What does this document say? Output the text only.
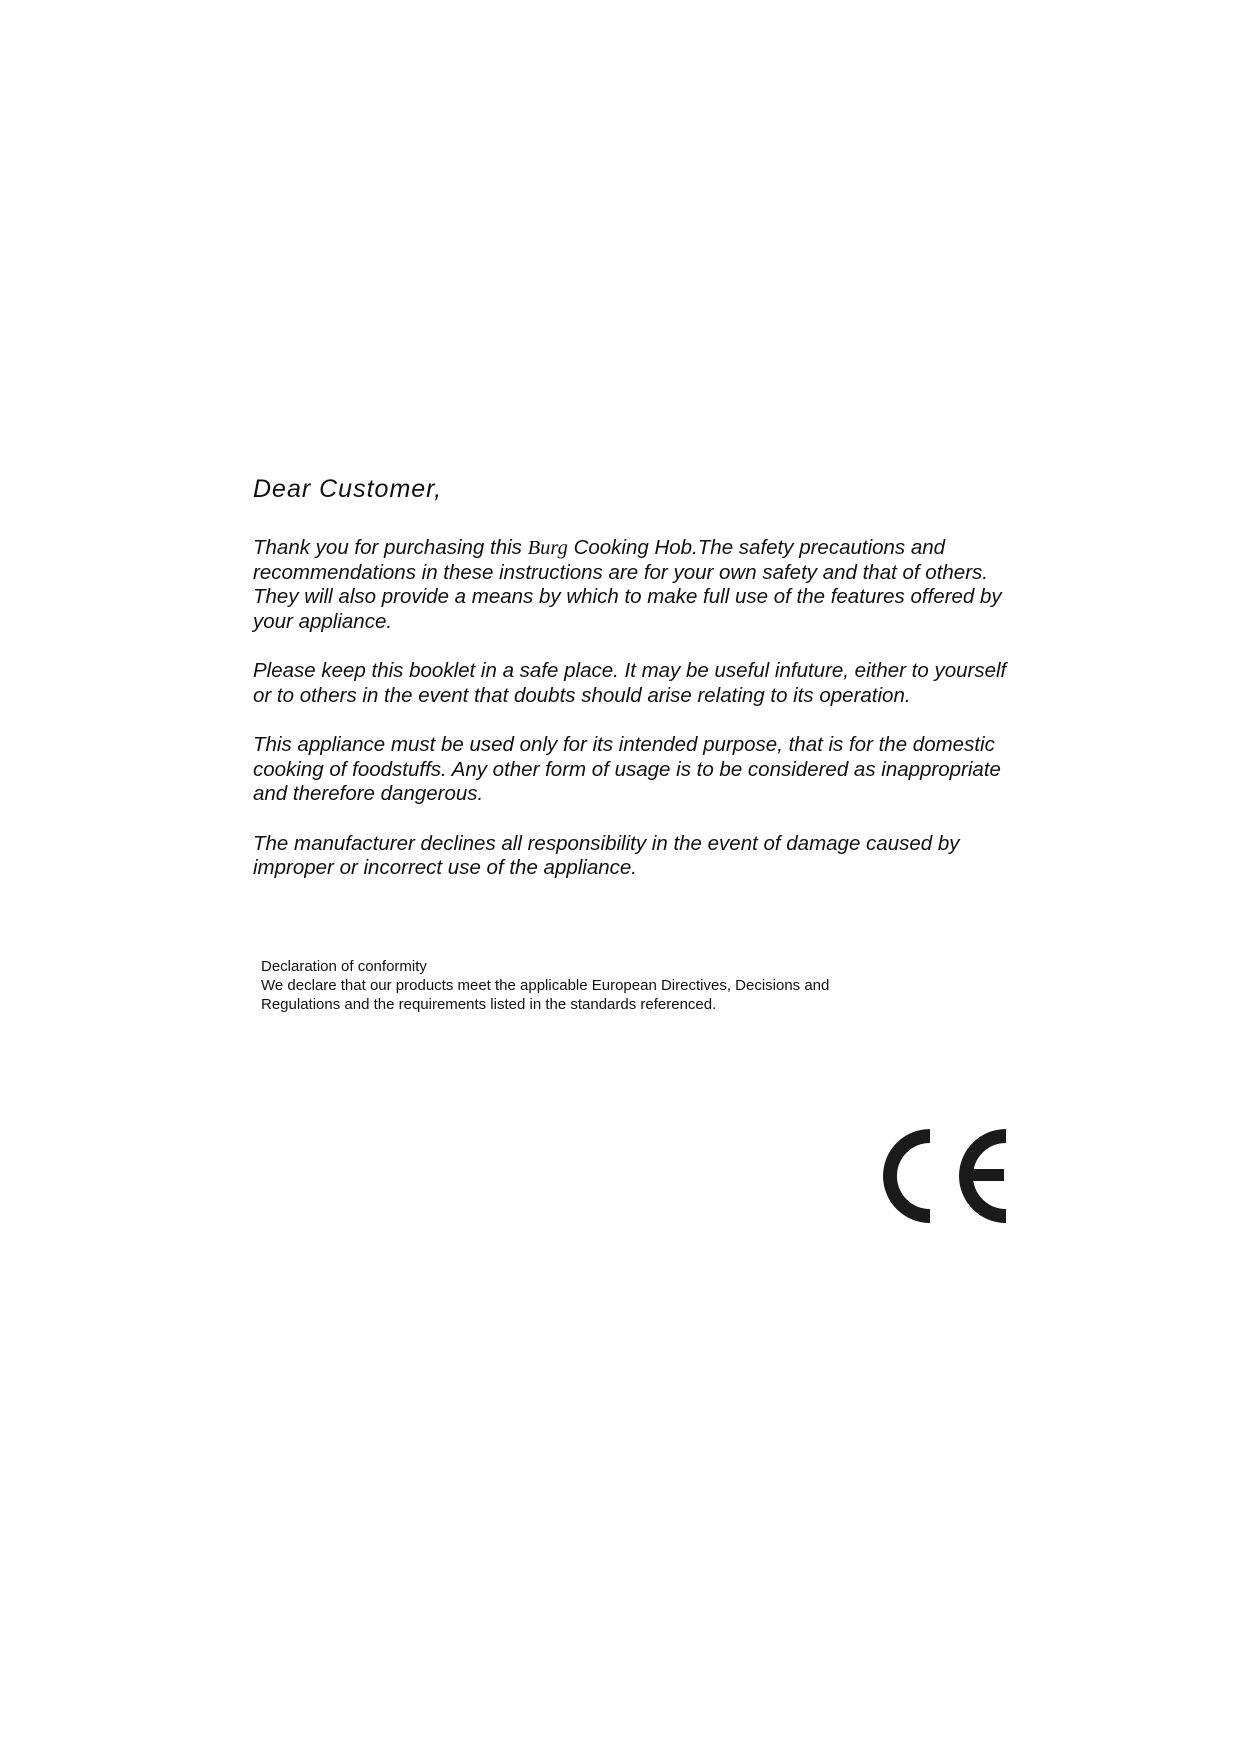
Dear Customer,

Thank you for purchasing this Burg Cooking Hob.The safety precautions and recommendations in these instructions are for your own safety and that of others. They will also provide a means by which to make full use of the features offered by your appliance.

Please keep this booklet in a safe place. It may be useful infuture, either to yourself or to others in the event that doubts should arise relating to its operation.

This appliance must be used only for its intended purpose, that is for the domestic cooking of foodstuffs. Any other form of usage is to be considered as inappropriate and therefore dangerous.

The manufacturer declines all responsibility in the event of damage caused by improper or incorrect use of the appliance.

Declaration of conformity
We declare that our products meet the applicable European Directives, Decisions and
Regulations and the requirements listed in the standards referenced.
